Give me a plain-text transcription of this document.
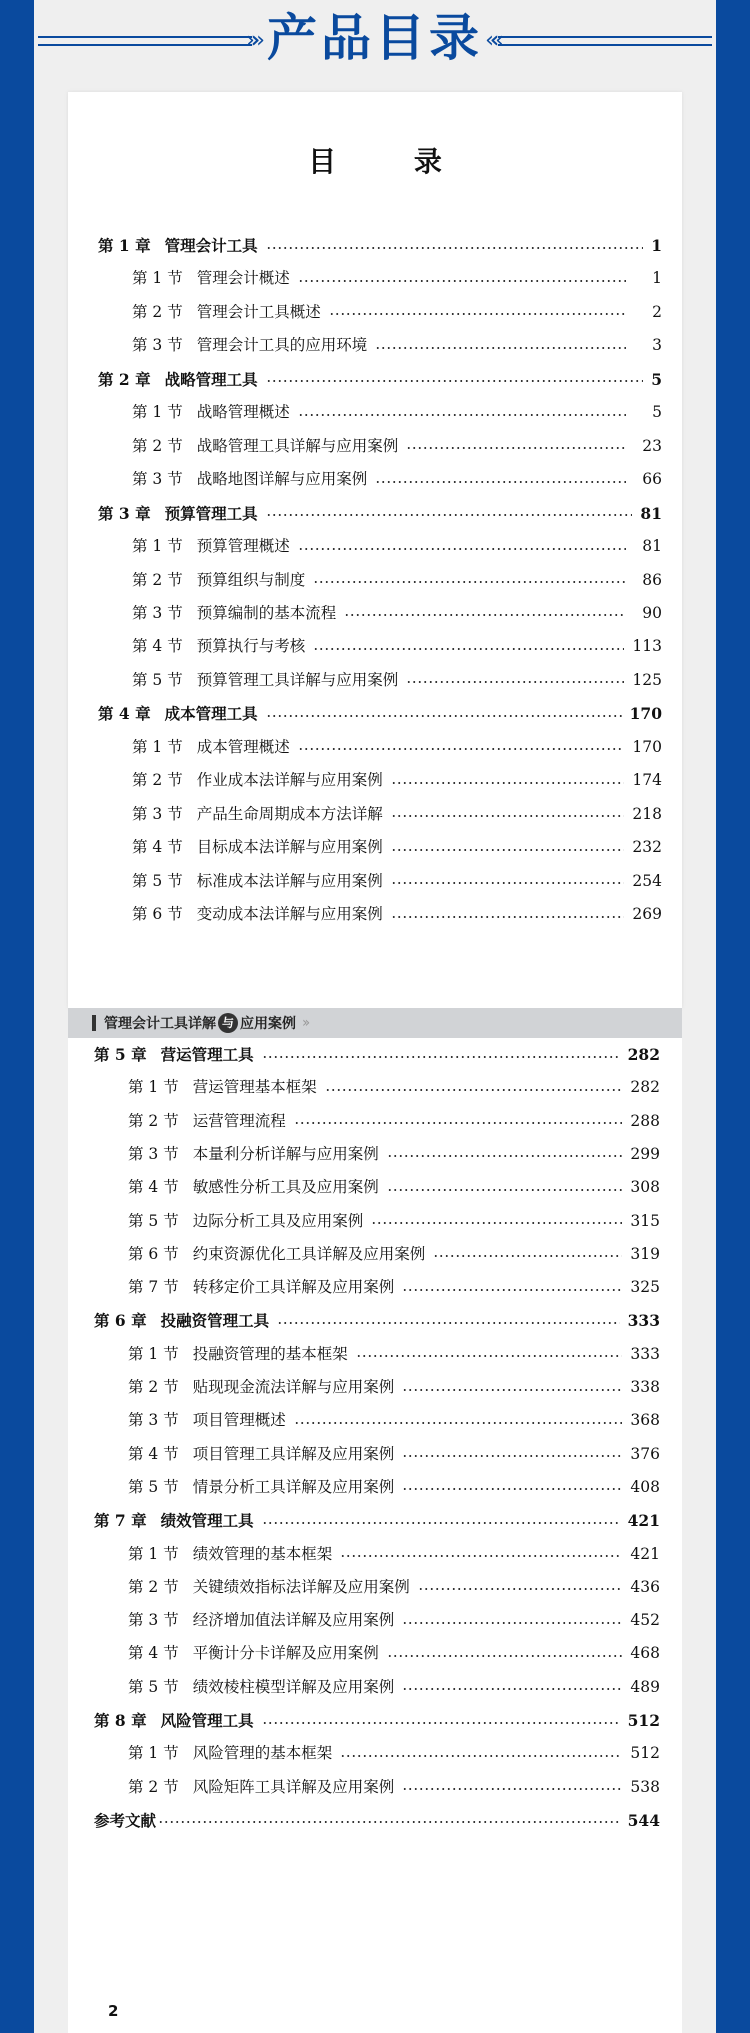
»» 产品目录 ««
目 录
第 1 章 管理会计工具	1
第 1 节 管理会计概述	1
第 2 节 管理会计工具概述	2
第 3 节 管理会计工具的应用环境	3
第 2 章 战略管理工具	5
第 1 节 战略管理概述	5
第 2 节 战略管理工具详解与应用案例	23
第 3 节 战略地图详解与应用案例	66
第 3 章 预算管理工具	81
第 1 节 预算管理概述	81
第 2 节 预算组织与制度	86
第 3 节 预算编制的基本流程	90
第 4 节 预算执行与考核	113
第 5 节 预算管理工具详解与应用案例	125
第 4 章 成本管理工具	170
第 1 节 成本管理概述	170
第 2 节 作业成本法详解与应用案例	174
第 3 节 产品生命周期成本方法详解	218
第 4 节 目标成本法详解与应用案例	232
第 5 节 标准成本法详解与应用案例	254
第 6 节 变动成本法详解与应用案例	269
管理会计工具详解 与 应用案例 ››
第 5 章 营运管理工具	282
第 1 节 营运管理基本框架	282
第 2 节 运营管理流程	288
第 3 节 本量利分析详解与应用案例	299
第 4 节 敏感性分析工具及应用案例	308
第 5 节 边际分析工具及应用案例	315
第 6 节 约束资源优化工具详解及应用案例	319
第 7 节 转移定价工具详解及应用案例	325
第 6 章 投融资管理工具	333
第 1 节 投融资管理的基本框架	333
第 2 节 贴现现金流法详解与应用案例	338
第 3 节 项目管理概述	368
第 4 节 项目管理工具详解及应用案例	376
第 5 节 情景分析工具详解及应用案例	408
第 7 章 绩效管理工具	421
第 1 节 绩效管理的基本框架	421
第 2 节 关键绩效指标法详解及应用案例	436
第 3 节 经济增加值法详解及应用案例	452
第 4 节 平衡计分卡详解及应用案例	468
第 5 节 绩效棱柱模型详解及应用案例	489
第 8 章 风险管理工具	512
第 1 节 风险管理的基本框架	512
第 2 节 风险矩阵工具详解及应用案例	538
参考文献	544
2
